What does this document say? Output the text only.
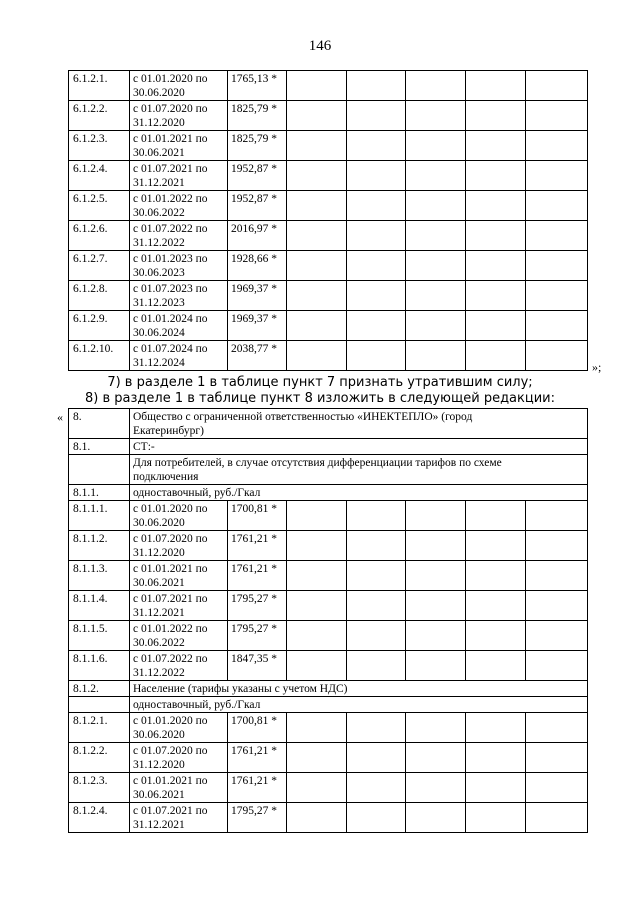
146
6.1.2.1.	с 01.01.2020 по
30.06.2020	1765,13 *					
6.1.2.2.	с 01.07.2020 по
31.12.2020	1825,79 *					
6.1.2.3.	с 01.01.2021 по
30.06.2021	1825,79 *					
6.1.2.4.	с 01.07.2021 по
31.12.2021	1952,87 *					
6.1.2.5.	с 01.01.2022 по
30.06.2022	1952,87 *					
6.1.2.6.	с 01.07.2022 по
31.12.2022	2016,97 *					
6.1.2.7.	с 01.01.2023 по
30.06.2023	1928,66 *					
6.1.2.8.	с 01.07.2023 по
31.12.2023	1969,37 *					
6.1.2.9.	с 01.01.2024 по
30.06.2024	1969,37 *					
6.1.2.10.	с 01.07.2024 по
31.12.2024	2038,77 *					
»;
7) в разделе 1 в таблице пункт 7 признать утратившим силу;
8) в разделе 1 в таблице пункт 8 изложить в следующей редакции:
« 8.	Общество с ограниченной ответственностью «ИНЕКТЕПЛО» (город
Екатеринбург)						

8.1.	СТ:-						

	Для потребителей, в случае отсутствия дифференциации тарифов по схеме
подключения						

8.1.1.	одноставочный, руб./Гкал						
8.1.1.1.	с 01.01.2020 по
30.06.2020	1700,81 *					
8.1.1.2.	с 01.07.2020 по
31.12.2020	1761,21 *					
8.1.1.3.	с 01.01.2021 по
30.06.2021	1761,21 *					
8.1.1.4.	с 01.07.2021 по
31.12.2021	1795,27 *					
8.1.1.5.	с 01.01.2022 по
30.06.2022	1795,27 *					
8.1.1.6.	с 01.07.2022 по
31.12.2022	1847,35 *					
8.1.2.	Население (тарифы указаны с учетом НДС)						
	одноставочный, руб./Гкал						
8.1.2.1.	с 01.01.2020 по
30.06.2020	1700,81 *					
8.1.2.2.	с 01.07.2020 по
31.12.2020	1761,21 *					
8.1.2.3.	с 01.01.2021 по
30.06.2021	1761,21 *					
8.1.2.4.	с 01.07.2021 по
31.12.2021	1795,27 *					
